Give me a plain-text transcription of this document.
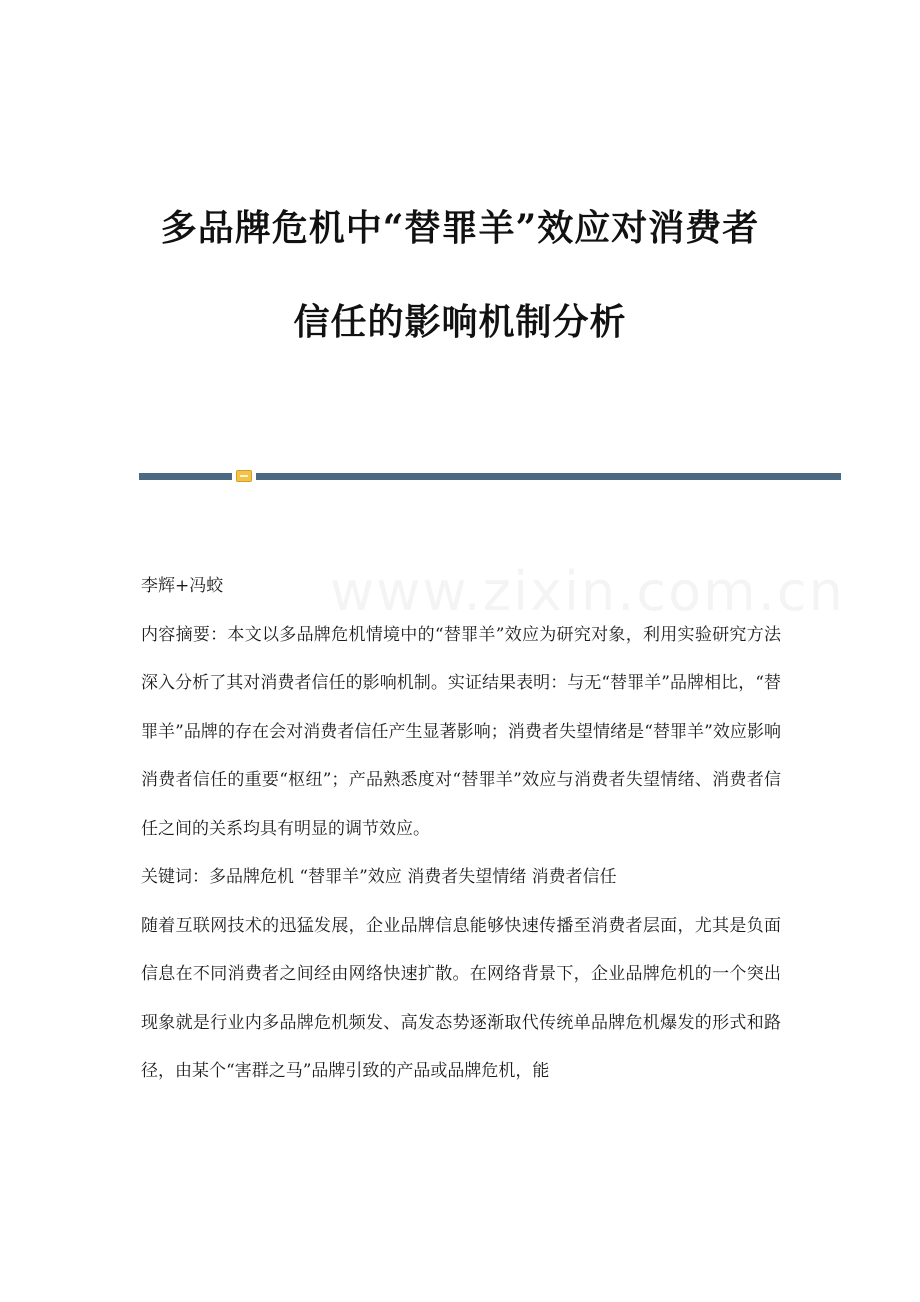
多品牌危机中“替罪羊”效应对消费者
信任的影响机制分析

李辉+冯蛟

内容摘要：本文以多品牌危机情境中的“替罪羊”效应为研究对象，利用实验研究方法深入分析了其对消费者信任的影响机制。实证结果表明：与无“替罪羊”品牌相比，“替罪羊”品牌的存在会对消费者信任产生显著影响；消费者失望情绪是“替罪羊”效应影响消费者信任的重要“枢纽”；产品熟悉度对“替罪羊”效应与消费者失望情绪、消费者信任之间的关系均具有明显的调节效应。

关键词：多品牌危机 “替罪羊”效应 消费者失望情绪 消费者信任

随着互联网技术的迅猛发展，企业品牌信息能够快速传播至消费者层面，尤其是负面信息在不同消费者之间经由网络快速扩散。在网络背景下，企业品牌危机的一个突出现象就是行业内多品牌危机频发、高发态势逐渐取代传统单品牌危机爆发的形式和路径，由某个“害群之马”品牌引致的产品或品牌危机，能
